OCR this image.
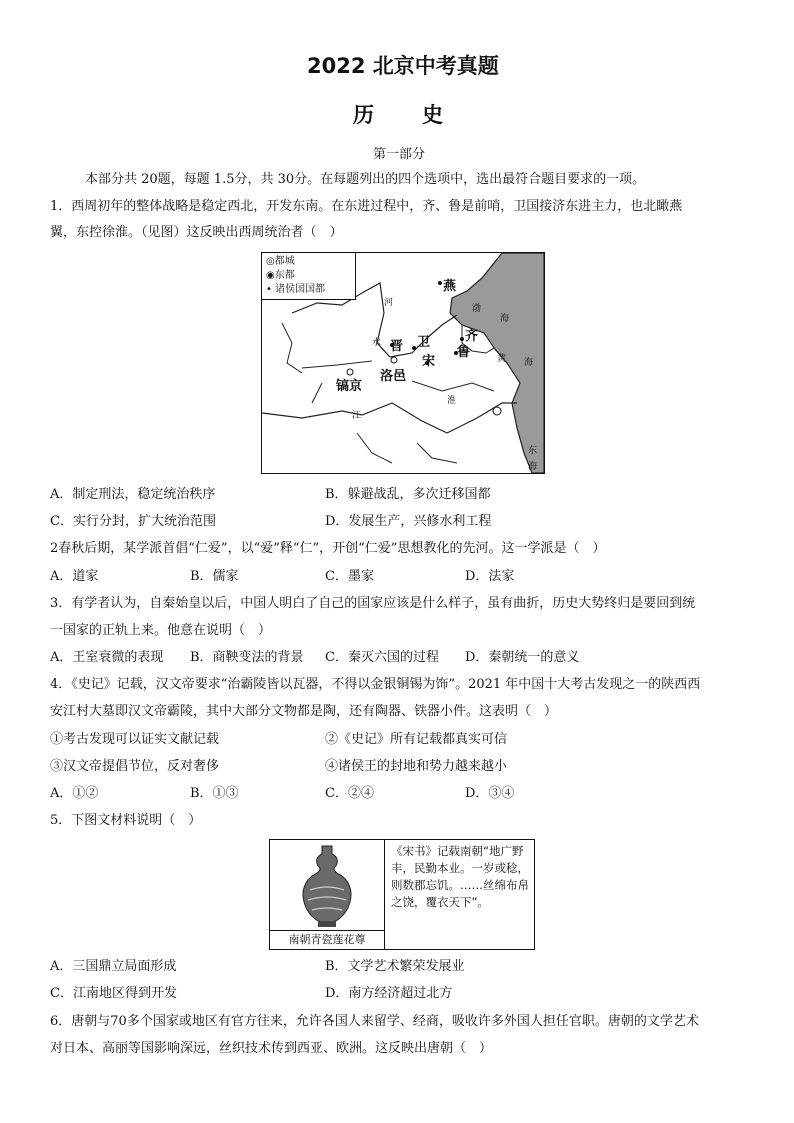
2022 北京中考真题
历　　史
第一部分
本部分共 20题，每题 1.5分，共 30分。在每题列出的四个选项中，选出最符合题目要求的一项。
1．西周初年的整体战略是稳定西北，开发东南。在东进过程中，齐、鲁是前哨，卫国接济东进主力，也北瞰燕
翼，东控徐淮。（见图）这反映出西周统治者（　）
◎都城
◉东都
• 诸侯国国都	燕
卫
晋
齐
鲁
宋
洛邑
镐京
渤
海
黄 海
东
海
河
水
江
淮
A．制定刑法，稳定统治秩序	B．躲避战乱，多次迁移国都
C．实行分封，扩大统治范围	D．发展生产，兴修水利工程
2春秋后期，某学派首倡“仁爱”，以“爱”释“仁”，开创“仁爱”思想教化的先河。这一学派是（　）
A．道家	B．儒家	C．墨家	D．法家
3．有学者认为，自秦始皇以后，中国人明白了自己的国家应该是什么样子，虽有曲折，历史大势终归是要回到统
一国家的正轨上来。他意在说明（　）
A．王室衰微的表现 B．商鞅变法的背景 C．秦灭六国的过程 D．秦朝统一的意义
4．《史记》记载，汉文帝要求“治霸陵皆以瓦器，不得以金银铜锡为饰”。2021 年中国十大考古发现之一的陕西西
安江村大墓即汉文帝霸陵，其中大部分文物都是陶，还有陶器、铁器小件。这表明（　）
①考古发现可以证实文献记载	②《史记》所有记载都真实可信
③汉文帝提倡节位，反对奢侈	④诸侯王的封地和势力越来越小
A．①②	B．①③	C．②④	D．③④
5．下图文材料说明（　）
南朝青瓷莲花尊
《宋书》记载南朝“地广野丰，民勤本业。一岁或稔，则数郡忘饥。……丝绵布帛之饶，覆衣天下”。
A．三国鼎立局面形成	B．文学艺术繁荣发展业
C．江南地区得到开发	D．南方经济超过北方
6．唐朝与70多个国家或地区有官方往来，允许各国人来留学、经商，吸收许多外国人担任官职。唐朝的文学艺术
对日本、高丽等国影响深远，丝织技术传到西亚、欧洲。这反映出唐朝（　）
